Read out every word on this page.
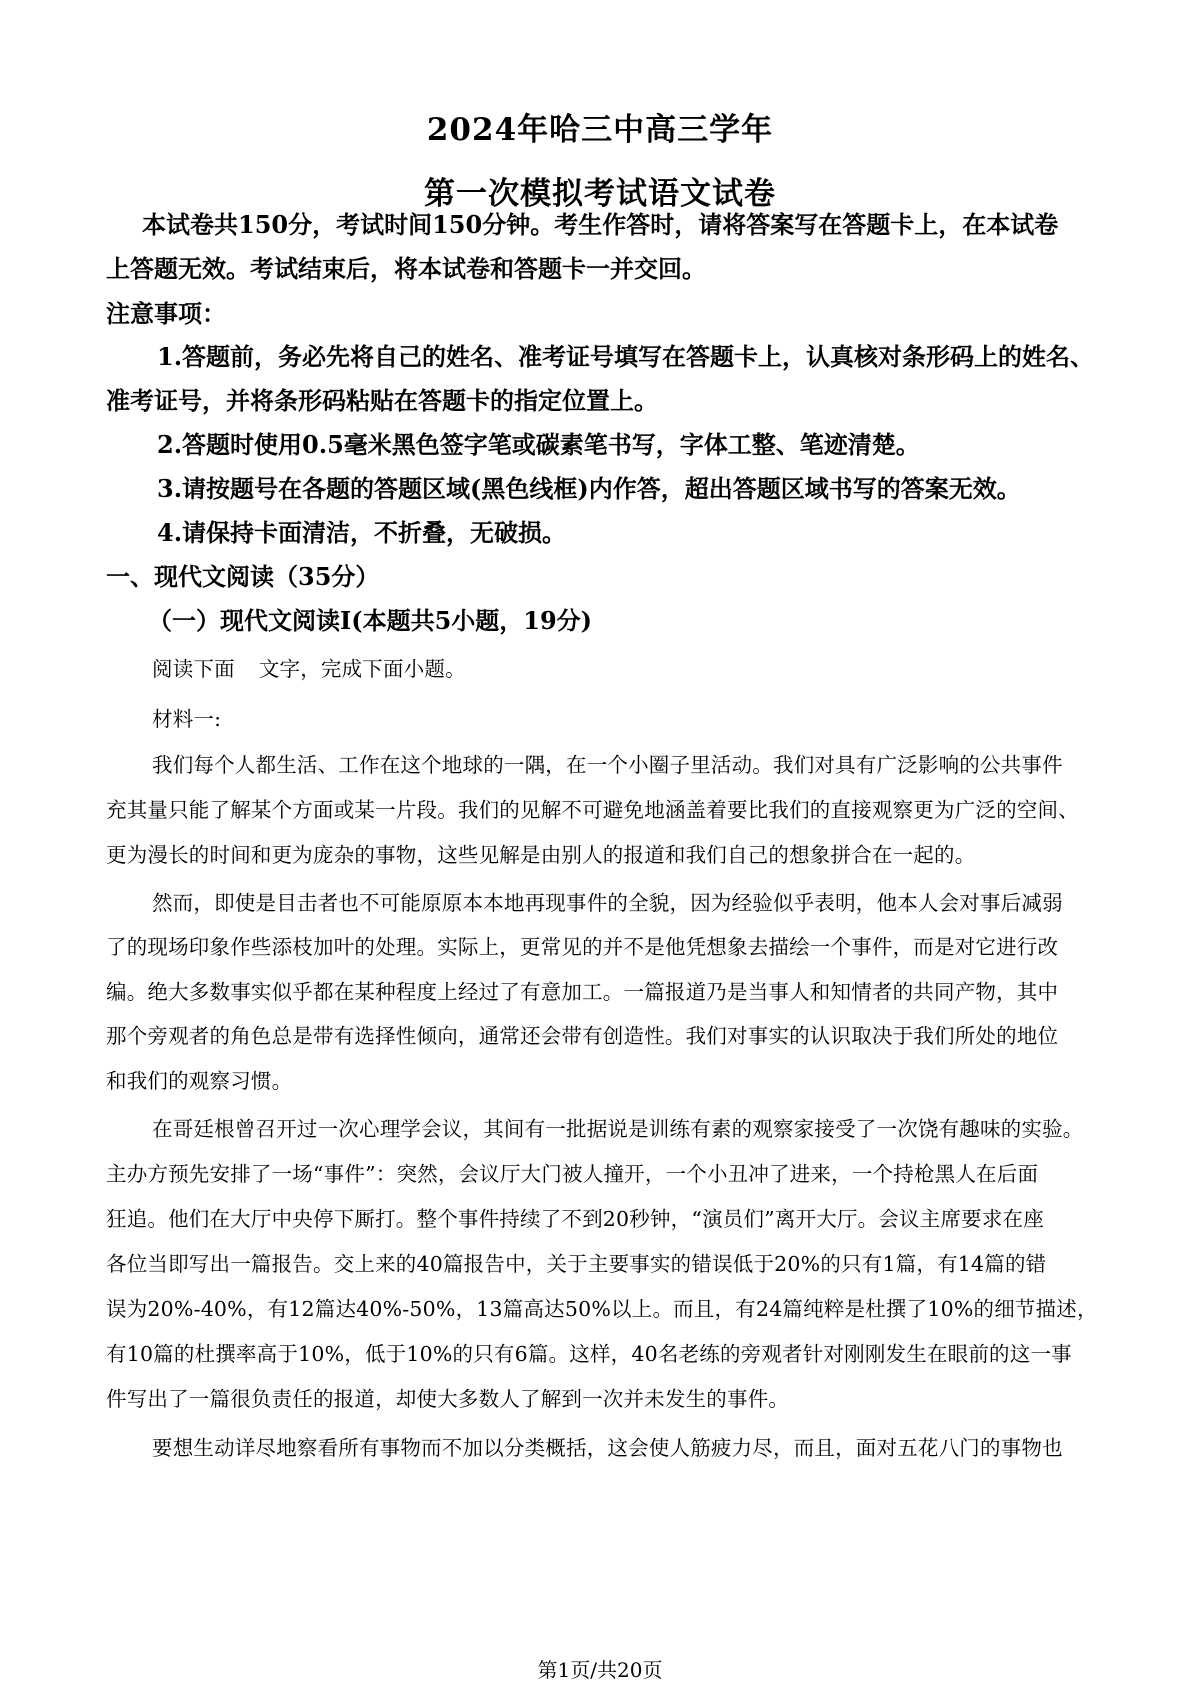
2024年哈三中高三学年
第一次模拟考试语文试卷
本试卷共150分，考试时间150分钟。考生作答时，请将答案写在答题卡上，在本试卷
上答题无效。考试结束后，将本试卷和答题卡一并交回。
注意事项：
1.答题前，务必先将自己的姓名、准考证号填写在答题卡上，认真核对条形码上的姓名、
准考证号，并将条形码粘贴在答题卡的指定位置上。
2.答题时使用0.5毫米黑色签字笔或碳素笔书写，字体工整、笔迹清楚。
3.请按题号在各题的答题区域(黑色线框)内作答，超出答题区域书写的答案无效。
4.请保持卡面清洁，不折叠，无破损。
一、现代文阅读（35分）
（一）现代文阅读Ⅰ(本题共5小题，19分)
阅读下面 文字，完成下面小题。
材料一:
我们每个人都生活、工作在这个地球的一隅，在一个小圈子里活动。我们对具有广泛影响的公共事件
充其量只能了解某个方面或某一片段。我们的见解不可避免地涵盖着要比我们的直接观察更为广泛的空间、
更为漫长的时间和更为庞杂的事物，这些见解是由别人的报道和我们自己的想象拼合在一起的。
然而，即使是目击者也不可能原原本本地再现事件的全貌，因为经验似乎表明，他本人会对事后减弱
了的现场印象作些添枝加叶的处理。实际上，更常见的并不是他凭想象去描绘一个事件，而是对它进行改
编。绝大多数事实似乎都在某种程度上经过了有意加工。一篇报道乃是当事人和知情者的共同产物，其中
那个旁观者的角色总是带有选择性倾向，通常还会带有创造性。我们对事实的认识取决于我们所处的地位
和我们的观察习惯。
在哥廷根曾召开过一次心理学会议，其间有一批据说是训练有素的观察家接受了一次饶有趣味的实验。
主办方预先安排了一场“事件”：突然，会议厅大门被人撞开，一个小丑冲了进来，一个持枪黑人在后面
狂追。他们在大厅中央停下厮打。整个事件持续了不到20秒钟，“演员们”离开大厅。会议主席要求在座
各位当即写出一篇报告。交上来的40篇报告中，关于主要事实的错误低于20%的只有1篇，有14篇的错
误为20%-40%，有12篇达40%-50%，13篇高达50%以上。而且，有24篇纯粹是杜撰了10%的细节描述，
有10篇的杜撰率高于10%，低于10%的只有6篇。这样，40名老练的旁观者针对刚刚发生在眼前的这一事
件写出了一篇很负责任的报道，却使大多数人了解到一次并未发生的事件。
要想生动详尽地察看所有事物而不加以分类概括，这会使人筋疲力尽，而且，面对五花八门的事物也
第1页/共20页
